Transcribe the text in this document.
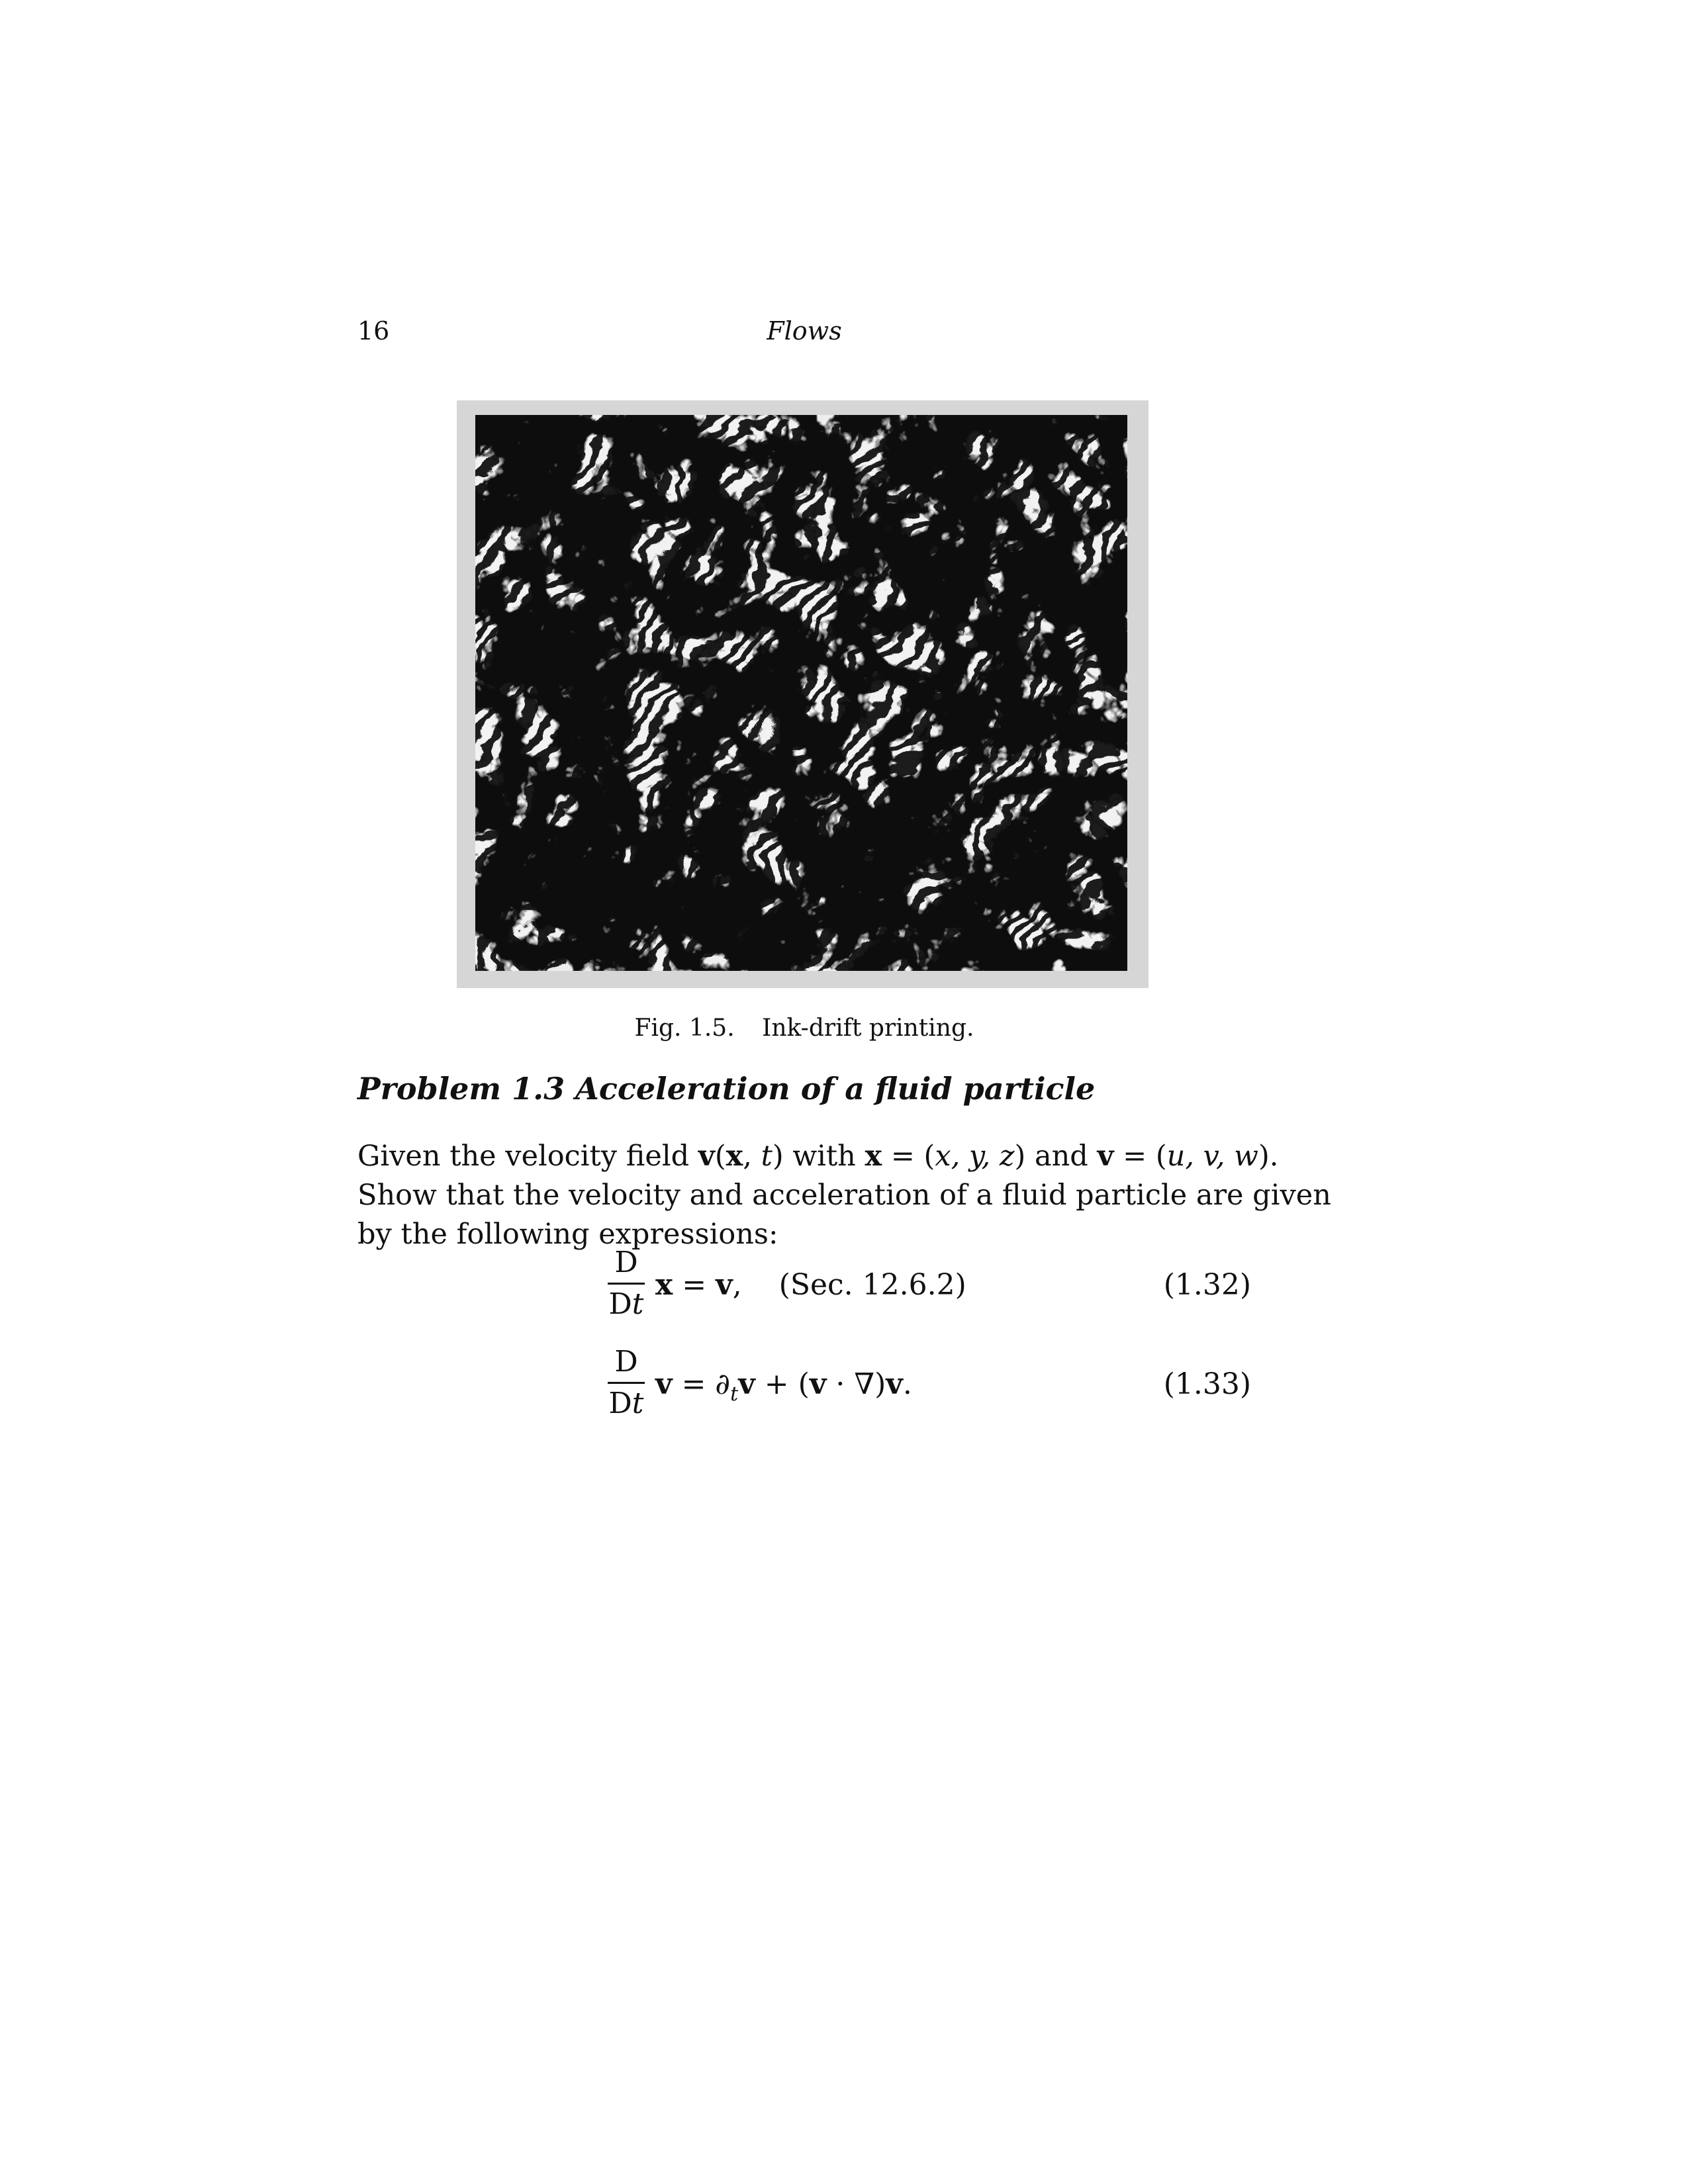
16	Flows
Fig. 1.5. Ink-drift printing.
Problem 1.3 Acceleration of a fluid particle
Given the velocity field v(x, t) with x = (x, y, z) and v = (u, v, w).
Show that the velocity and acceleration of a fluid particle are given
by the following expressions:
D
Dt
x = v, (Sec. 12.6.2)	(1.32)
D
Dt
$v = \partial_tv + (v \cdot \nabla)v$.	(1.33)
